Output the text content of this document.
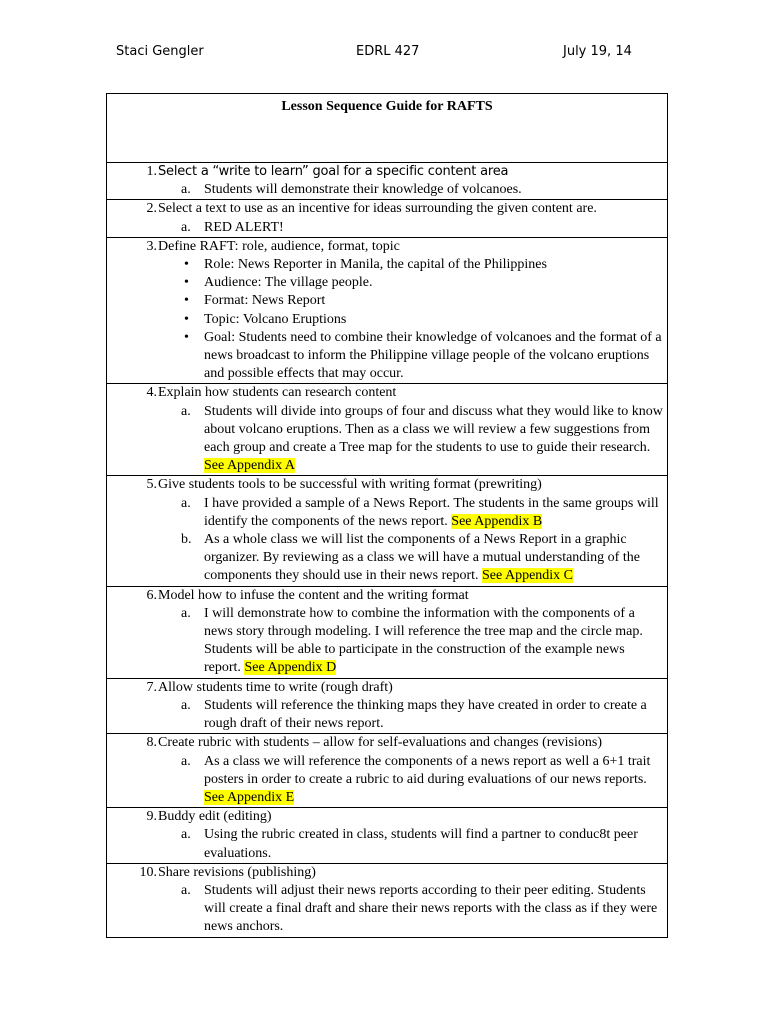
Staci Gengler	EDRL 427	July 19, 14
Lesson Sequence Guide for RAFTS

1. Select a “write to learn” goal for a specific content area
a. Students will demonstrate their knowledge of volcanoes.

2. Select a text to use as an incentive for ideas surrounding the given content are.
a. RED ALERT!

3. Define RAFT: role, audience, format, topic
• Role: News Reporter in Manila, the capital of the Philippines
• Audience: The village people.
• Format: News Report
• Topic: Volcano Eruptions
• Goal: Students need to combine their knowledge of volcanoes and the format of a news broadcast to inform the Philippine village people of the volcano eruptions and possible effects that may occur.

4. Explain how students can research content
a. Students will divide into groups of four and discuss what they would like to know about volcano eruptions. Then as a class we will review a few suggestions from each group and create a Tree map for the students to use to guide their research. See Appendix A

5. Give students tools to be successful with writing format (prewriting)
a. I have provided a sample of a News Report. The students in the same groups will identify the components of the news report. See Appendix B
b. As a whole class we will list the components of a News Report in a graphic organizer. By reviewing as a class we will have a mutual understanding of the components they should use in their news report. See Appendix C

6. Model how to infuse the content and the writing format
a. I will demonstrate how to combine the information with the components of a news story through modeling. I will reference the tree map and the circle map. Students will be able to participate in the construction of the example news report. See Appendix D

7. Allow students time to write (rough draft)
a. Students will reference the thinking maps they have created in order to create a rough draft of their news report.

8. Create rubric with students – allow for self-evaluations and changes (revisions)
a. As a class we will reference the components of a news report as well a 6+1 trait posters in order to create a rubric to aid during evaluations of our news reports. See Appendix E

9. Buddy edit (editing)
a. Using the rubric created in class, students will find a partner to conduc8t peer evaluations.

10. Share revisions (publishing)
a. Students will adjust their news reports according to their peer editing. Students will create a final draft and share their news reports with the class as if they were news anchors.
